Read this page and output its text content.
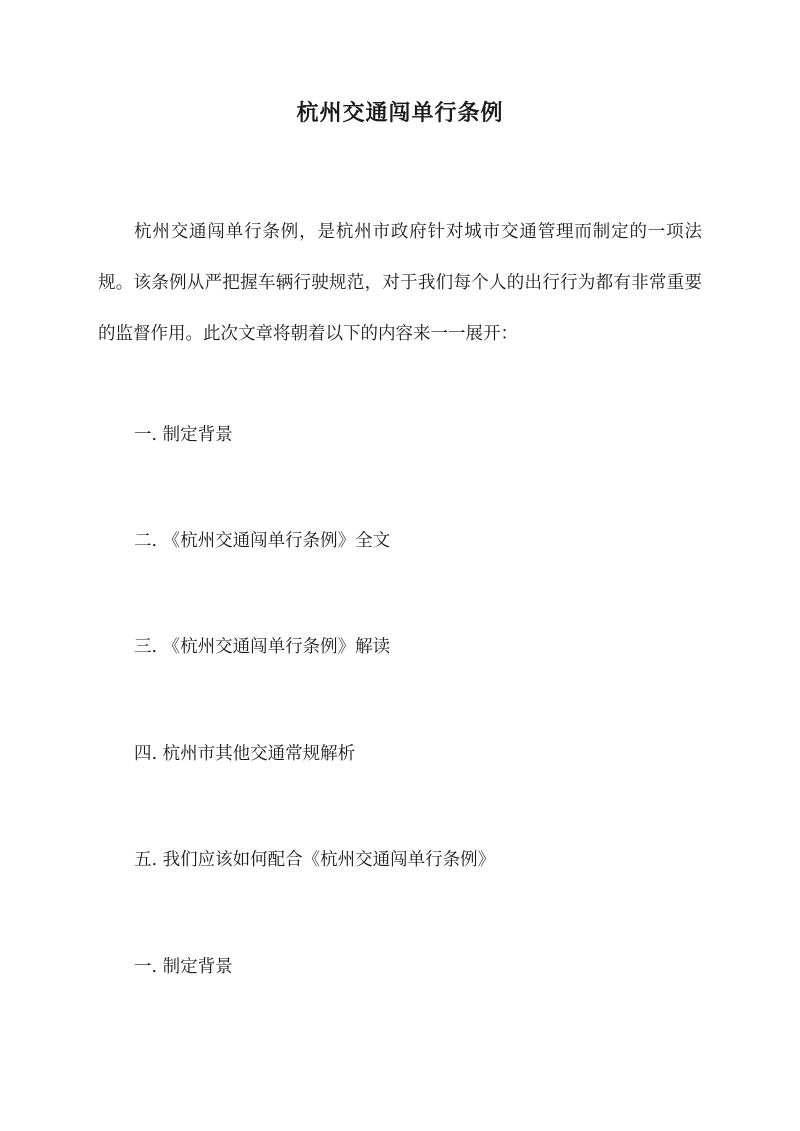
杭州交通闯单行条例

杭州交通闯单行条例，是杭州市政府针对城市交通管理而制定的一项法规。该条例从严把握车辆行驶规范，对于我们每个人的出行行为都有非常重要的监督作用。此次文章将朝着以下的内容来一一展开：

一. 制定背景

二. 《杭州交通闯单行条例》全文

三. 《杭州交通闯单行条例》解读

四. 杭州市其他交通常规解析

五. 我们应该如何配合《杭州交通闯单行条例》

一. 制定背景
